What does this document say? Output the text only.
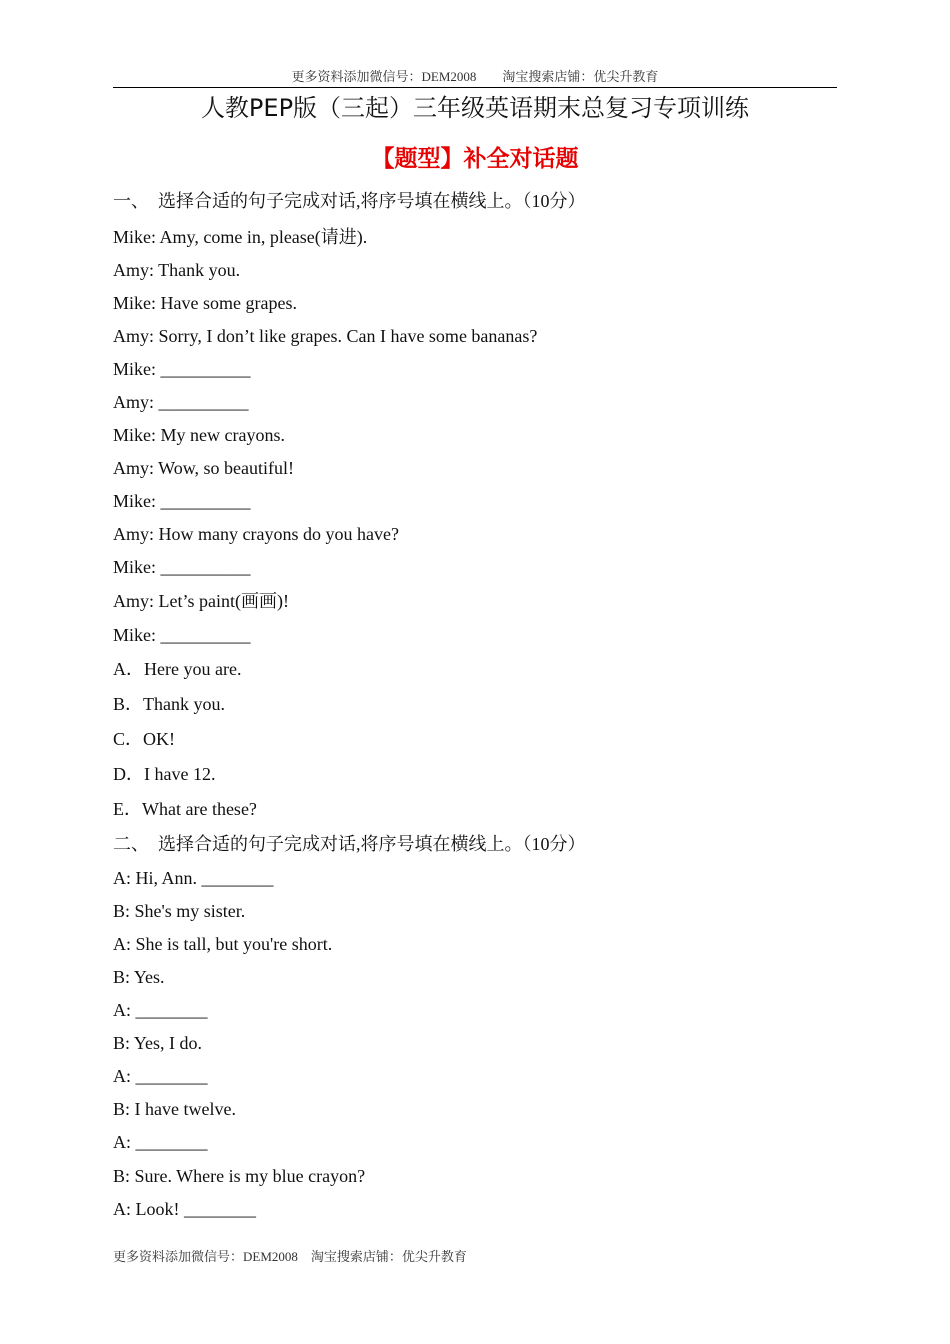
更多资料添加微信号：DEM2008　　淘宝搜索店铺：优尖升教育
人教PEP版（三起）三年级英语期末总复习专项训练
【题型】补全对话题
一、  选择合适的句子完成对话,将序号填在横线上。（10分）
Mike: Amy, come in, please(请进).
Amy: Thank you.
Mike: Have some grapes.
Amy: Sorry, I don’t like grapes. Can I have some bananas?
Mike: __________
Amy: __________
Mike: My new crayons.
Amy: Wow, so beautiful!
Mike: __________
Amy: How many crayons do you have?
Mike: __________
Amy: Let’s paint(画画)!
Mike: __________
A．Here you are.
B．Thank you.
C．OK!
D．I have 12.
E．What are these?
二、  选择合适的句子完成对话,将序号填在横线上。（10分）
A: Hi, Ann. ________
B: She's my sister.
A: She is tall, but you're short.
B: Yes.
A: ________
B: Yes, I do.
A: ________
B: I have twelve.
A: ________
B: Sure. Where is my blue crayon?
A: Look! ________
更多资料添加微信号：DEM2008　淘宝搜索店铺：优尖升教育
